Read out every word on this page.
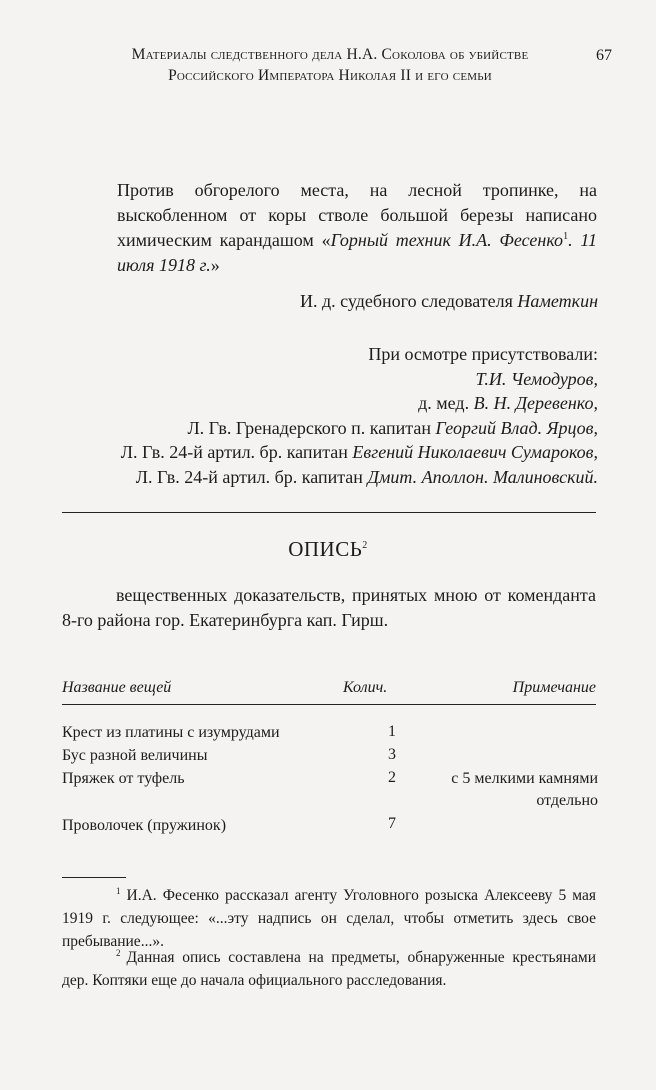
Материалы следственного дела Н.А. Соколова об убийстве
Российского Императора Николая II и его семьи
67
Против обгорелого места, на лесной тропинке, на выскобленном от коры стволе большой березы написано химическим карандашом «Горный техник И.А. Фесенко$^1$. 11 июля 1918 г.»
И. д. судебного следователя Наметкин
При осмотре присутствовали:
Т.И. Чемодуров,
д. мед. В. Н. Деревенко,
Л. Гв. Гренадерского п. капитан Георгий Влад. Ярцов,
Л. Гв. 24-й артил. бр. капитан Евгений Николаевич Сумароков,
Л. Гв. 24-й артил. бр. капитан Дмит. Аполлон. Малиновский.
ОПИСЬ$^2$
вещественных доказательств, принятых мною от коменданта 8-го района гор. Екатеринбурга кап. Гирш.
Название вещей	Колич.	Примечание
Крест из платины с изумрудами	1
Бус разной величины	3
Пряжек от туфель	2	с 5 мелкими камнями отдельно
Проволочек (пружинок)	7
$^1$ И.А. Фесенко рассказал агенту Уголовного розыска Алексееву 5 мая 1919 г. следующее: «...эту надпись он сделал, чтобы отметить здесь свое пребывание...».
$^2$ Данная опись составлена на предметы, обнаруженные крестьянами дер. Коптяки еще до начала официального расследования.
